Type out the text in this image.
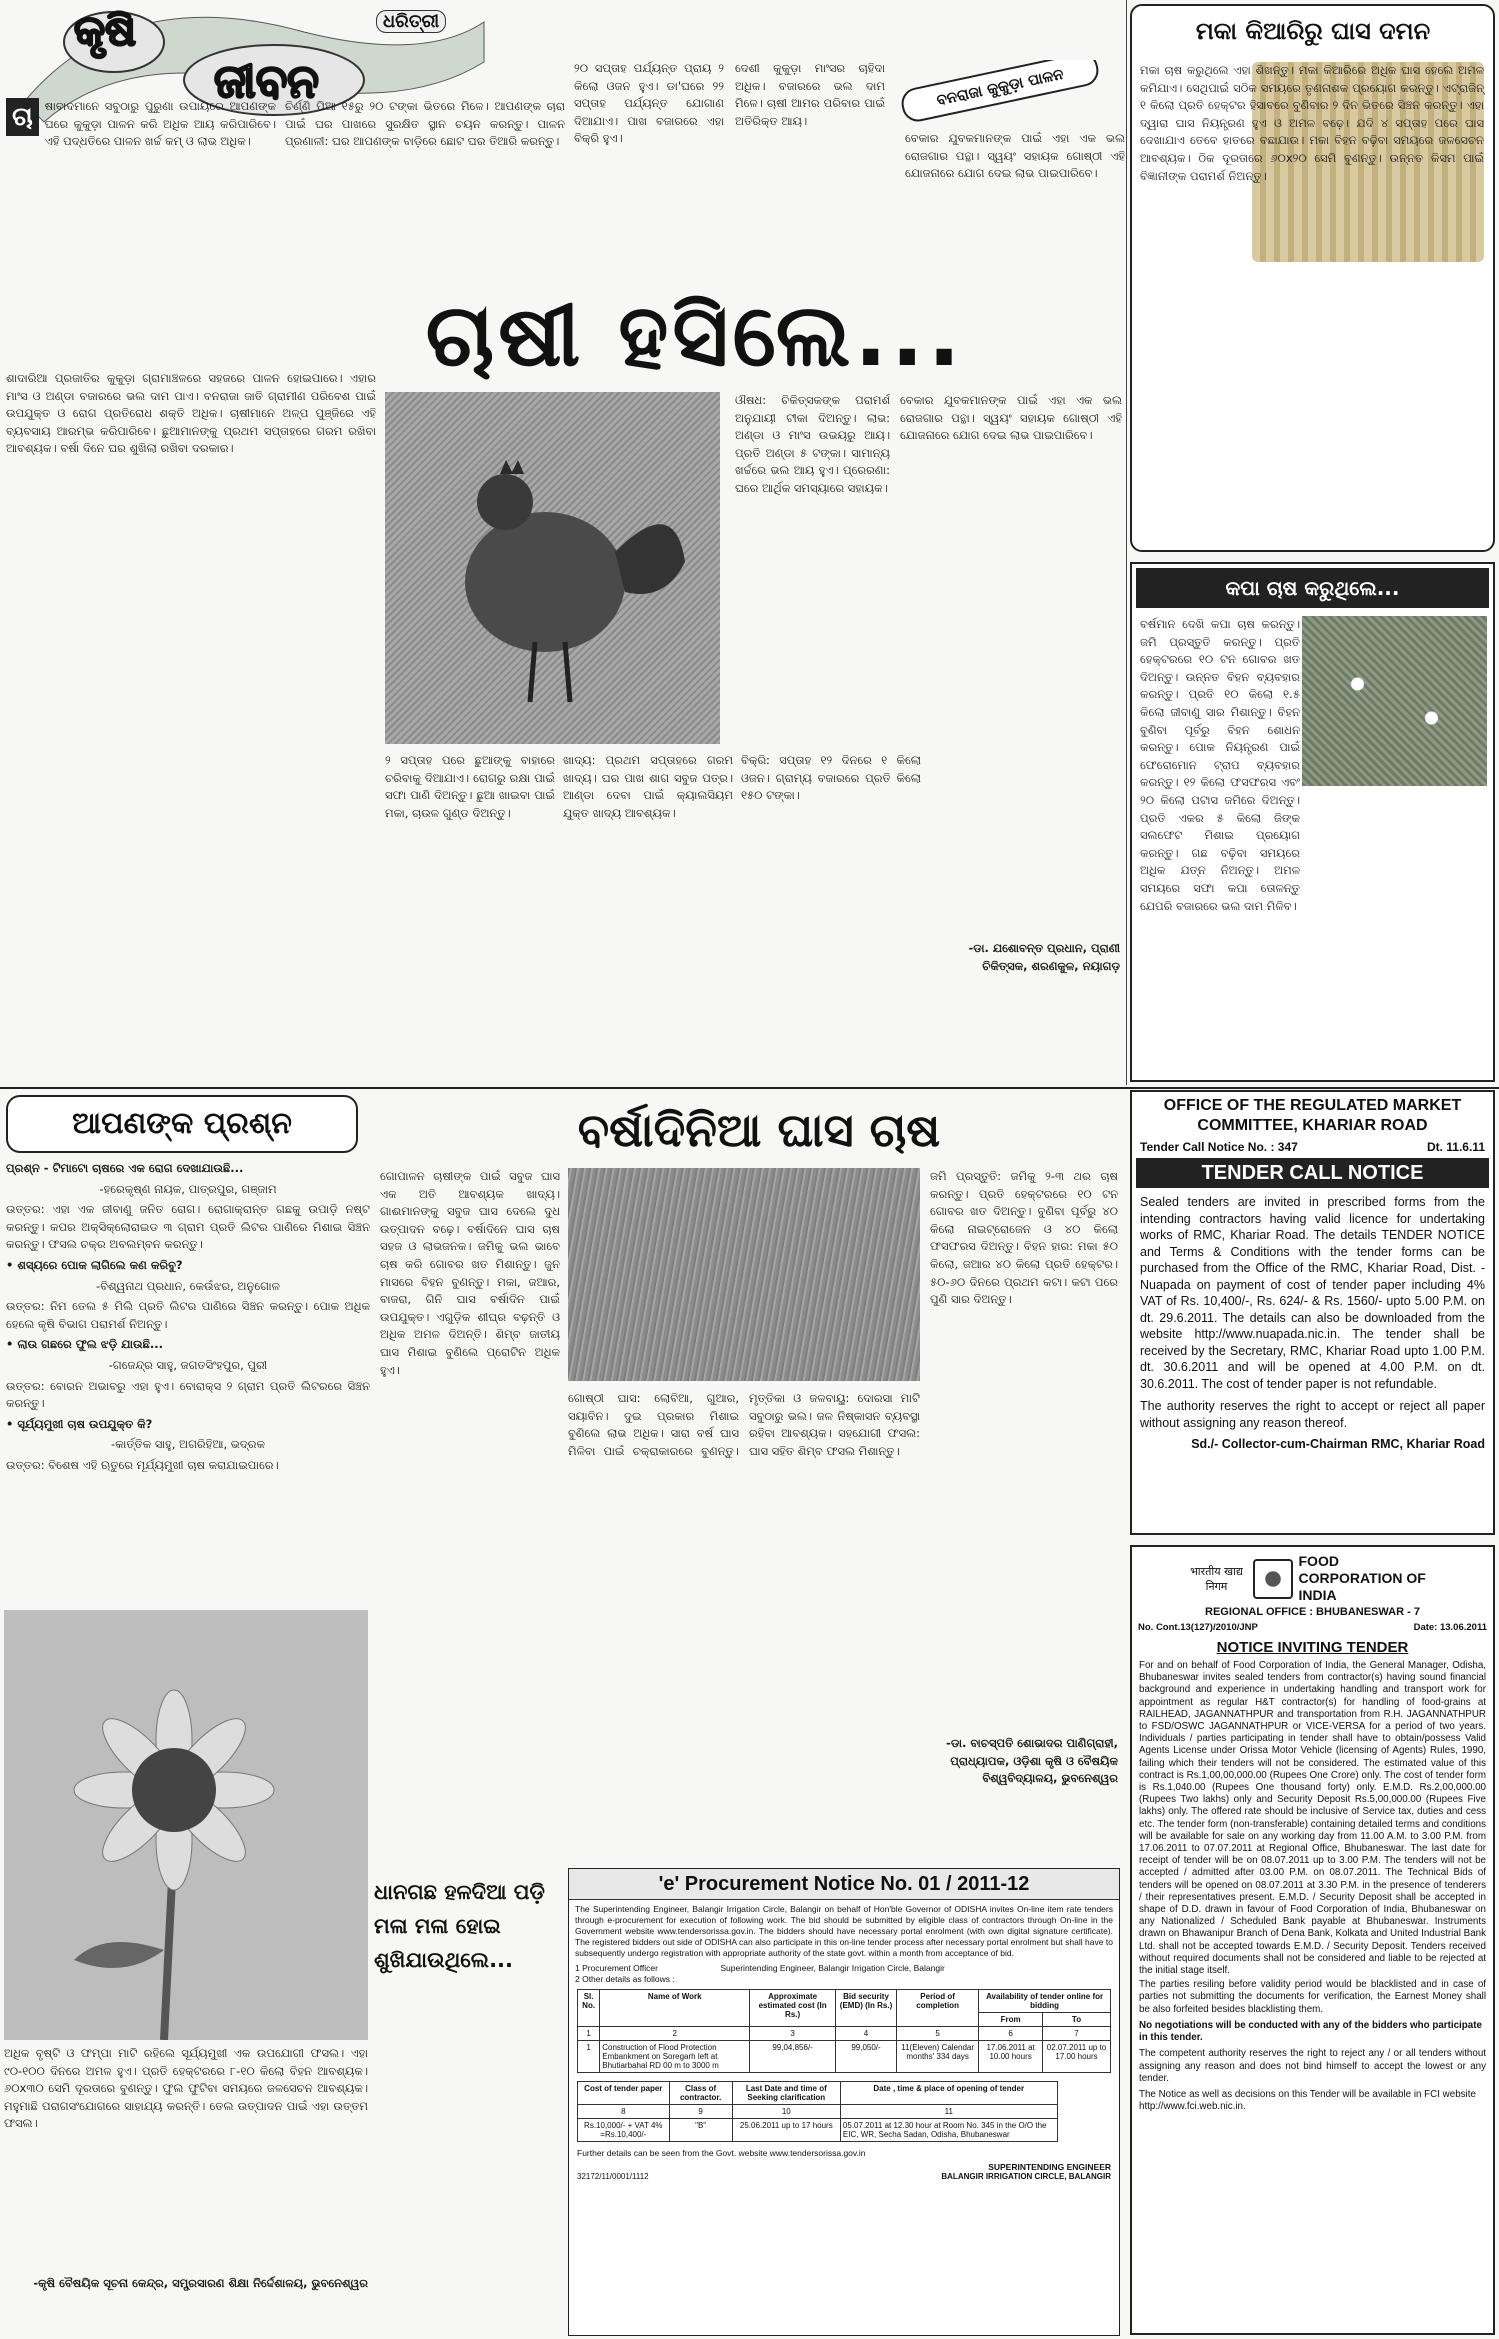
କୃଷି	ଧରିତ୍ରୀ
ଜୀବନ
ଚା	ଷାବାଦମାନେ ସବୁଠାରୁ ପୁରୁଣା ଉପାୟରେ ଆପଣଙ୍କ ଘରେ କୁକୁଡ଼ା ପାଳନ କରି ଅଧିକ ଆୟ କରିପାରିବେ। ଏହି ପଦ୍ଧତିରେ ପାଳନ ଖର୍ଚ୍ଚ କମ୍ ଓ ଲାଭ ଅଧିକ।
ଚିର୍ଣ୍ଣି ପିଆ ୧୫ରୁ ୨୦ ଟଙ୍କା ଭିତରେ ମିଳେ। ଆପଣଙ୍କ ଚାରା ପାଇଁ ଘର ପାଖରେ ସୁରକ୍ଷିତ ସ୍ଥାନ ଚୟନ କରନ୍ତୁ। ପାଳନ ପ୍ରଣାଳୀ: ଘର ଆପଣଙ୍କ ବାଡ଼ିରେ ଛୋଟ ଘର ତିଆରି କରନ୍ତୁ।
୨୦ ସପ୍ତାହ ପର୍ଯ୍ୟନ୍ତ ପ୍ରାୟ ୨ କିଲୋ ଓଜନ ହୁଏ। ଡା'ଘରେ ୨୨ ସପ୍ତାହ ପର୍ଯ୍ୟନ୍ତ ଯୋଗାଣ ଦିଆଯାଏ। ପାଖ ବଜାରରେ ଏହା ବିକ୍ରି ହୁଏ।
ବନରାଜା କୁକୁଡ଼ା ପାଳନ
ଦେଶୀ କୁକୁଡ଼ା ମାଂସର ଚାହିଦା ଅଧିକ। ବଜାରରେ ଭଲ ଦାମ ମିଳେ। ଚାଷୀ ଆମର ପରିବାର ପାଇଁ ଅତିରିକ୍ତ ଆୟ।
ବେକାର ଯୁବକମାନଙ୍କ ପାଇଁ ଏହା ଏକ ଭଲ ରୋଜଗାର ପନ୍ଥା। ସ୍ୱୟଂ ସହାୟକ ଗୋଷ୍ଠୀ ଏହି ଯୋଜନାରେ ଯୋଗ ଦେଇ ଲାଭ ପାଇପାରିବେ।
ଚାଷୀ ହସିଲେ...
ଶାଦାରିଆ ପ୍ରଜାତିର କୁକୁଡ଼ା ଗ୍ରାମାଞ୍ଚଳରେ ସହଜରେ ପାଳନ ହୋଇପାରେ। ଏହାର ମାଂସ ଓ ଅଣ୍ଡା ବଜାରରେ ଭଲ ଦାମ ପାଏ। ବନରାଜା ଜାତି ଗ୍ରାମୀଣ ପରିବେଶ ପାଇଁ ଉପଯୁକ୍ତ ଓ ରୋଗ ପ୍ରତିରୋଧ ଶକ୍ତି ଅଧିକ। ଚାଷୀମାନେ ଅଳ୍ପ ପୁଞ୍ଜିରେ ଏହି ବ୍ୟବସାୟ ଆରମ୍ଭ କରିପାରିବେ। ଛୁଆମାନଙ୍କୁ ପ୍ରଥମ ସପ୍ତାହରେ ଗରମ ରଖିବା ଆବଶ୍ୟକ। ବର୍ଷା ଦିନେ ଘର ଶୁଖିଲା ରଖିବା ଦରକାର।
ଔଷଧ: ଚିକିତ୍ସକଙ୍କ ପରାମର୍ଶ ଅନୁଯାୟୀ ଟୀକା ଦିଅନ୍ତୁ। ଲାଭ: ଅଣ୍ଡା ଓ ମାଂସ ଉଭୟରୁ ଆୟ। ପ୍ରତି ଅଣ୍ଡା ୫ ଟଙ୍କା। ସାମାନ୍ୟ ଖର୍ଚ୍ଚରେ ଭଲ ଆୟ ହୁଏ। ପ୍ରେରଣା: ଘରେ ଆର୍ଥିକ ସମସ୍ୟାରେ ସହାୟକ।
ବେକାର ଯୁବକମାନଙ୍କ ପାଇଁ ଏହା ଏକ ଭଲ ରୋଜଗାର ପନ୍ଥା। ସ୍ୱୟଂ ସହାୟକ ଗୋଷ୍ଠୀ ଏହି ଯୋଜନାରେ ଯୋଗ ଦେଇ ଲାଭ ପାଇପାରିବେ।
୨ ସପ୍ତାହ ପରେ ଛୁଆଙ୍କୁ ବାହାରେ ଚରିବାକୁ ଦିଆଯାଏ। ରୋଗରୁ ରକ୍ଷା ପାଇଁ ସଫା ପାଣି ଦିଅନ୍ତୁ। ଛୁଆ ଖାଇବା ପାଇଁ ମକା, ଚାଉଳ ଗୁଣ୍ଡ ଦିଅନ୍ତୁ।
ଖାଦ୍ୟ: ପ୍ରଥମ ସପ୍ତାହରେ ଗରମ ଖାଦ୍ୟ। ଘର ପାଖ ଶାଗ ସବୁଜ ପତ୍ର। ଆଣ୍ଡା ଦେବା ପାଇଁ କ୍ୟାଲସିୟମ ଯୁକ୍ତ ଖାଦ୍ୟ ଆବଶ୍ୟକ।
ବିକ୍ରି: ସପ୍ତାହ ୧୨ ଦିନରେ ୧ କିଲୋ ଓଜନ। ଗ୍ରାମ୍ୟ ବଜାରରେ ପ୍ରତି କିଲୋ ୧୫୦ ଟଙ୍କା।
-ଡା. ଯଶୋବନ୍ତ ପ୍ରଧାନ, ପ୍ରାଣୀ ଚିକିତ୍ସକ, ଶରଣକୁଳ, ନୟାଗଡ଼
ମକା କିଆରିରୁ ଘାସ ଦମନ
ମକା ଚାଷ କରୁଥିଲେ ଏହା ଶିଖନ୍ତୁ। ମକା କିଆରିରେ ଅଧିକ ଘାସ ହେଲେ ଅମଳ କମିଯାଏ। ସେଥିପାଇଁ ସଠିକ ସମୟରେ ତୃଣନାଶକ ପ୍ରୟୋଗ କରନ୍ତୁ। ଏଟ୍ରାଜିନ୍ ୧ କିଲୋ ପ୍ରତି ହେକ୍ଟର ହିସାବରେ ବୁଣିବାର ୨ ଦିନ ଭିତରେ ସିଞ୍ଚନ କରନ୍ତୁ। ଏହା ଦ୍ୱାରା ଘାସ ନିୟନ୍ତ୍ରଣ ହୁଏ ଓ ଅମଳ ବଢ଼େ। ଯଦି ୪ ସପ୍ତାହ ପରେ ଘାସ ଦେଖାଯାଏ ତେବେ ହାତରେ ବଛାଯାଉ। ମକା ବିହନ ବଢ଼ିବା ସମୟରେ ଜଳସେଚନ ଆବଶ୍ୟକ। ଠିକ ଦୂରତାରେ ୬୦x୨୦ ସେମି ବୁଣନ୍ତୁ। ଉନ୍ନତ କିସମ ପାଇଁ ବିଜ୍ଞାନୀଙ୍କ ପରାମର୍ଶ ନିଅନ୍ତୁ।
କପା ଚାଷ କରୁଥିଲେ...
ବର୍ଷମାନ ଦେଖି କପା ଚାଷ କରନ୍ତୁ। ଜମି ପ୍ରସ୍ତୁତି କରନ୍ତୁ। ପ୍ରତି ହେକ୍ଟରରେ ୧୦ ଟନ ଗୋବର ଖତ ଦିଅନ୍ତୁ। ଉନ୍ନତ ବିହନ ବ୍ୟବହାର କରନ୍ତୁ। ପ୍ରତି ୧୦ କିଲୋ ୧.୫ କିଲୋ ଜୀବାଣୁ ସାର ମିଶାନ୍ତୁ। ବିହନ ବୁଣିବା ପୂର୍ବରୁ ବିହନ ଶୋଧନ କରନ୍ତୁ। ପୋକ ନିୟନ୍ତ୍ରଣ ପାଇଁ ଫେରୋମୋନ ଟ୍ରାପ ବ୍ୟବହାର କରନ୍ତୁ। ୧୨ କିଲୋ ଫସଫରସ ଏବଂ ୨୦ କିଲୋ ପଟାସ ଜମିରେ ଦିଅନ୍ତୁ। ପ୍ରତି ଏକର ୫ କିଲୋ ଜିଙ୍କ ସଲଫେଟ ମିଶାଇ ପ୍ରୟୋଗ କରନ୍ତୁ। ଗଛ ବଢ଼ିବା ସମୟରେ ଅଧିକ ଯତ୍ନ ନିଅନ୍ତୁ। ଅମଳ ସମୟରେ ସଫା କପା ତୋଳନ୍ତୁ ଯେପରି ବଜାରରେ ଭଲ ଦାମ ମିଳିବ।
ଆପଣଙ୍କ ପ୍ରଶ୍ନ

ପ୍ରଶ୍ନ - ଟିମାଟୋ ଚାଷରେ ଏକ ରୋଗ ଦେଖାଯାଉଛି...

-ହରେକୃଷ୍ଣ ନାୟକ, ପାତ୍ରପୁର, ଗଞ୍ଜାମ

ଉତ୍ତର: ଏହା ଏକ ଜୀବାଣୁ ଜନିତ ରୋଗ। ରୋଗାକ୍ରାନ୍ତ ଗଛକୁ ଉପାଡ଼ି ନଷ୍ଟ କରନ୍ତୁ। କପର ଅକ୍ସିକ୍ଲୋରାଇଡ ୩ ଗ୍ରାମ ପ୍ରତି ଲିଟର ପାଣିରେ ମିଶାଇ ସିଞ୍ଚନ କରନ୍ତୁ। ଫସଲ ଚକ୍ର ଅବଲମ୍ବନ କରନ୍ତୁ।

• ଶସ୍ୟରେ ପୋକ ଲାଗିଲେ କଣ କରିବୁ?

-ବିଶ୍ୱନାଥ ପ୍ରଧାନ, କେଉଁଝର, ଅନୁଗୋଳ

ଉତ୍ତର: ନିମ ତେଲ ୫ ମିଲି ପ୍ରତି ଲିଟର ପାଣିରେ ସିଞ୍ଚନ କରନ୍ତୁ। ପୋକ ଅଧିକ ହେଲେ କୃଷି ବିଭାଗ ପରାମର୍ଶ ନିଅନ୍ତୁ।

• ଲାଉ ଗଛରେ ଫୁଲ ଝଡ଼ି ଯାଉଛି...

-ଗଜେନ୍ଦ୍ର ସାହୁ, ଜଗତସିଂହପୁର, ପୁରୀ

ଉତ୍ତର: ବୋରନ ଅଭାବରୁ ଏହା ହୁଏ। ବୋରାକ୍ସ ୨ ଗ୍ରାମ ପ୍ରତି ଲିଟରରେ ସିଞ୍ଚନ କରନ୍ତୁ।

• ସୂର୍ଯ୍ୟମୁଖୀ ଚାଷ ଉପଯୁକ୍ତ କି?

-କାର୍ତ୍ତିକ ସାହୁ, ଅଗରିହିଆ, ଭଦ୍ରକ

ଉତ୍ତର: ବିଶେଷ ଏହି ଋତୁରେ ମୂର୍ଯ୍ୟମୁଖୀ ଚାଷ କରାଯାଇପାରେ।

ଧାନଗଛ ହଳଦିଆ ପଡ଼ି ମଳା ମଳା ହୋଇ ଶୁଖିଯାଉଥିଲେ...
ଅଧିକ ବୃଷ୍ଟି ଓ ଫମ୍ପା ମାଟି ରହିଲେ ସୂର୍ଯ୍ୟମୁଖୀ ଏକ ଉପଯୋଗୀ ଫସଲ। ଏହା ୯୦-୧୦୦ ଦିନରେ ଅମଳ ହୁଏ। ପ୍ରତି ହେକ୍ଟରରେ ୮-୧୦ କିଲୋ ବିହନ ଆବଶ୍ୟକ। ୬୦x୩୦ ସେମି ଦୂରତାରେ ବୁଣନ୍ତୁ। ଫୁଲ ଫୁଟିବା ସମୟରେ ଜଳସେଚନ ଆବଶ୍ୟକ। ମହୁମାଛି ପରାଗସଂଯୋଗରେ ସାହାଯ୍ୟ କରନ୍ତି। ତେଲ ଉତ୍ପାଦନ ପାଇଁ ଏହା ଉତ୍ତମ ଫସଲ।
-କୃଷି ବୈଷୟିକ ସୂଚନା କେନ୍ଦ୍ର, ସମ୍ପ୍ରସାରଣ ଶିକ୍ଷା ନିର୍ଦ୍ଦେଶାଳୟ, ଭୁବନେଶ୍ୱର
ବର୍ଷାଦିନିଆ ଘାସ ଚାଷ
ଗୋପାଳନ ଚାଷୀଙ୍କ ପାଇଁ ସବୁଜ ଘାସ ଏକ ଅତି ଆବଶ୍ୟକ ଖାଦ୍ୟ। ଗାଈମାନଙ୍କୁ ସବୁଜ ଘାସ ଦେଲେ ଦୁଧ ଉତ୍ପାଦନ ବଢ଼େ। ବର୍ଷାଦିନେ ଘାସ ଚାଷ ସହଜ ଓ ଲାଭଜନକ। ଜମିକୁ ଭଲ ଭାବେ ଚାଷ କରି ଗୋବର ଖତ ମିଶାନ୍ତୁ। ଜୁନ ମାସରେ ବିହନ ବୁଣନ୍ତୁ। ମକା, ଜଆର, ବାଜରା, ଗିନି ଘାସ ବର୍ଷାଦିନ ପାଇଁ ଉପଯୁକ୍ତ। ଏଗୁଡ଼ିକ ଶୀଘ୍ର ବଢ଼ନ୍ତି ଓ ଅଧିକ ଅମଳ ଦିଅନ୍ତି। ଶିମ୍ବ ଜାତୀୟ ଘାସ ମିଶାଇ ବୁଣିଲେ ପ୍ରୋଟିନ ଅଧିକ ହୁଏ।
ଗୋଷ୍ଠୀ ଘାସ: ଲୋବିଆ, ଗୁଆର, ସୟାବିନ। ଦୁଇ ପ୍ରକାର ମିଶାଇ ବୁଣିଲେ ଲାଭ ଅଧିକ। ସାରା ବର୍ଷ ଘାସ ମିଳିବା ପାଇଁ ଚକ୍ରାକାରରେ ବୁଣନ୍ତୁ। ମୃତ୍ତିକା ଓ ଜଳବାୟୁ: ଦୋରସା ମାଟି ସବୁଠାରୁ ଭଲ। ଜଳ ନିଷ୍କାସନ ବ୍ୟବସ୍ଥା ରହିବା ଆବଶ୍ୟକ। ସହଯୋଗୀ ଫସଲ: ଘାସ ସହିତ ଶିମ୍ବ ଫସଲ ମିଶାନ୍ତୁ।
ଜମି ପ୍ରସ୍ତୁତି: ଜମିକୁ ୨-୩ ଥର ଚାଷ କରନ୍ତୁ। ପ୍ରତି ହେକ୍ଟରରେ ୧୦ ଟନ ଗୋବର ଖତ ଦିଅନ୍ତୁ। ବୁଣିବା ପୂର୍ବରୁ ୪୦ କିଲୋ ନାଇଟ୍ରୋଜେନ ଓ ୪୦ କିଲୋ ଫସଫରସ ଦିଅନ୍ତୁ। ବିହନ ହାର: ମକା ୫୦ କିଲୋ, ଜଆର ୪୦ କିଲୋ ପ୍ରତି ହେକ୍ଟର। ୫୦-୬୦ ଦିନରେ ପ୍ରଥମ କଟା। କଟା ପରେ ପୁଣି ସାର ଦିଅନ୍ତୁ।
-ଡା. ବାଚସ୍ପତି ଶୋଭାଦର ପାଣିଗ୍ରାହୀ, ପ୍ରାଧ୍ୟାପକ, ଓଡ଼ିଶା କୃଷି ଓ ବୈଷୟିକ ବିଶ୍ୱବିଦ୍ୟାଳୟ, ଭୁବନେଶ୍ୱର
'e' Procurement Notice No. 01 / 2011-12
The Superintending Engineer, Balangir Irrigation Circle, Balangir on behalf of Hon'ble Governor of ODISHA invites On-line item rate tenders through e-procurement for execution of following work. The bid should be submitted by eligible class of contractors through On-line in the Government website www.tendersorissa.gov.in. The bidders should have necessary portal enrolment (with own digital signature certificate). The registered bidders out side of ODISHA can also participate in this on-line tender process after necessary portal enrolment but shall have to subsequently undergo registration with appropriate authority of the state govt. within a month from acceptance of bid.
1 Procurement Officer	Superintending Engineer, Balangir Irrigation Circle, Balangir
2 Other details as follows :
Sl. No.	Name of Work	Approximate estimated cost (In Rs.)	Bid security (EMD) (In Rs.)	Period of completion	Availability of tender online for bidding	
					From	To
1	2	3	4	5	6	7
1	Construction of Flood Protection Embankment on Soregarh left at Bhutiarbahal RD 00 m to 3000 m	99,04,856/-	99,050/-	11(Eleven) Calendar months' 334 days	17.06.2011 at 10.00 hours	02.07.2011 up to 17.00 hours
Cost of tender paper	Class of contractor.	Last Date and time of Seeking clarification	Date , time & place of opening of tender
8	9	10	11
Rs.10,000/- + VAT 4% =Rs.10,400/-	"B"	25.06.2011 up to 17 hours	05.07.2011 at 12.30 hour at Room No. 345 in the O/O the EIC, WR, Secha Sadan, Odisha, Bhubaneswar
Further details can be seen from the Govt. website www.tendersorissa.gov.in
SUPERINTENDING ENGINEER
32172/11/0001/1112	BALANGIR IRRIGATION CIRCLE, BALANGIR
OFFICE OF THE REGULATED MARKET COMMITTEE, KHARIAR ROAD
Tender Call Notice No. : 347	Dt. 11.6.11
TENDER CALL NOTICE
Sealed tenders are invited in prescribed forms from the intending contractors having valid licence for undertaking works of RMC, Khariar Road. The details TENDER NOTICE and Terms & Conditions with the tender forms can be purchased from the Office of the RMC, Khariar Road, Dist. - Nuapada on payment of cost of tender paper including 4% VAT of Rs. 10,400/-, Rs. 624/- & Rs. 1560/- upto 5.00 P.M. on dt. 29.6.2011. The details can also be downloaded from the website http://www.nuapada.nic.in. The tender shall be received by the Secretary, RMC, Khariar Road upto 1.00 P.M. dt. 30.6.2011 and will be opened at 4.00 P.M. on dt. 30.6.2011. The cost of tender paper is not refundable.
The authority reserves the right to accept or reject all paper without assigning any reason thereof.
Sd./- Collector-cum-Chairman RMC, Khariar Road
भारतीय खाद्य निगम
FOOD CORPORATION OF INDIA
REGIONAL OFFICE : BHUBANESWAR - 7
No. Cont.13(127)/2010/JNP	Date: 13.06.2011
NOTICE INVITING TENDER
For and on behalf of Food Corporation of India, the General Manager, Odisha, Bhubaneswar invites sealed tenders from contractor(s) having sound financial background and experience in undertaking handling and transport work for appointment as regular H&T contractor(s) for handling of food-grains at RAILHEAD, JAGANNATHPUR and transportation from R.H. JAGANNATHPUR to FSD/OSWC JAGANNATHPUR or VICE-VERSA for a period of two years. Individuals / parties participating in tender shall have to obtain/possess Valid Agents License under Orissa Motor Vehicle (licensing of Agents) Rules, 1990, failing which their tenders will not be considered. The estimated value of this contract is Rs.1,00,00,000.00 (Rupees One Crore) only. The cost of tender form is Rs.1,040.00 (Rupees One thousand forty) only. E.M.D. Rs.2,00,000.00 (Rupees Two lakhs) only and Security Deposit Rs.5,00,000.00 (Rupees Five lakhs) only. The offered rate should be inclusive of Service tax, duties and cess etc. The tender form (non-transferable) containing detailed terms and conditions will be available for sale on any working day from 11.00 A.M. to 3.00 P.M. from 17.06.2011 to 07.07.2011 at Regional Office, Bhubaneswar. The last date for receipt of tender will be on 08.07.2011 up to 3.00 P.M. The tenders will not be accepted / admitted after 03.00 P.M. on 08.07.2011. The Technical Bids of tenders will be opened on 08.07.2011 at 3.30 P.M. in the presence of tenderers / their representatives present. E.M.D. / Security Deposit shall be accepted in shape of D.D. drawn in favour of Food Corporation of India, Bhubaneswar on any Nationalized / Scheduled Bank payable at Bhubaneswar. Instruments drawn on Bhawanipur Branch of Dena Bank, Kolkata and United Industrial Bank Ltd. shall not be accepted towards E.M.D. / Security Deposit. Tenders received without required documents shall not be considered and liable to be rejected at the initial stage itself.
The parties resiling before validity period would be blacklisted and in case of parties not submitting the documents for verification, the Earnest Money shall be also forfeited besides blacklisting them.
No negotiations will be conducted with any of the bidders who participate in this tender.
The competent authority reserves the right to reject any / or all tenders without assigning any reason and does not bind himself to accept the lowest or any tender.
The Notice as well as decisions on this Tender will be available in FCI website http://www.fci.web.nic.in.
